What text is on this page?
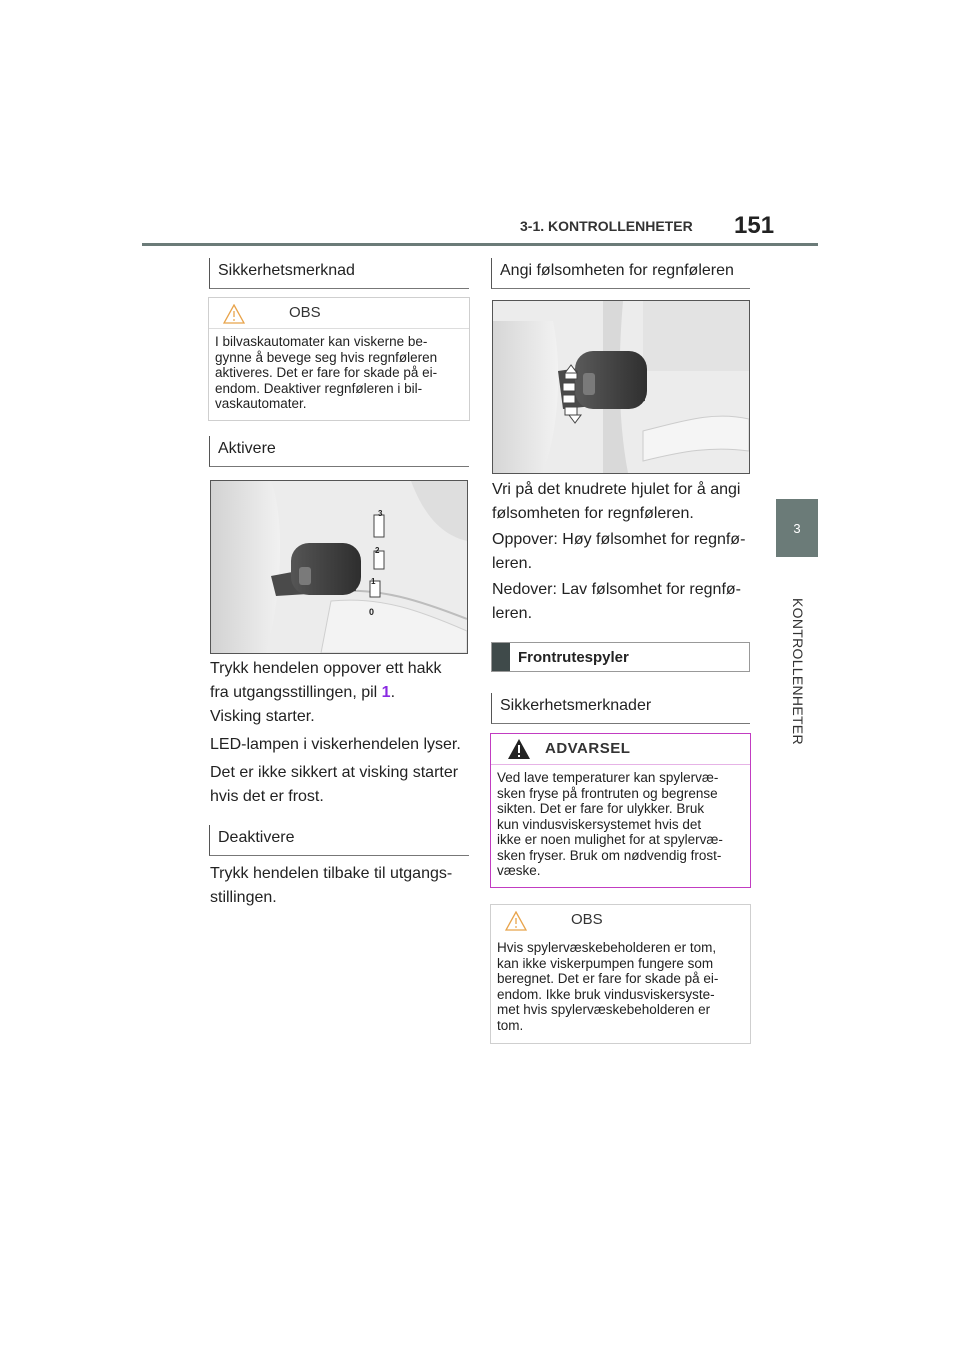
3-1. KONTROLLENHETER 151
3
KONTROLLENHETER
Sikkerhetsmerknad
OBS
I bilvaskautomater kan viskerne be-
gynne å bevege seg hvis regnføleren
aktiveres. Det er fare for skade på ei-
endom. Deaktiver regnføleren i bil-
vaskautomater.
Aktivere
3
2
1
0
Trykk hendelen oppover ett hakk
fra utgangsstillingen, pil 1.
Visking starter.
LED-lampen i viskerhendelen lyser.
Det er ikke sikkert at visking starter
hvis det er frost.
Deaktivere
Trykk hendelen tilbake til utgangs-
stillingen.
Angi følsomheten for regnføleren
Vri på det knudrete hjulet for å angi
følsomheten for regnføleren.
Oppover: Høy følsomhet for regnfø-
leren.
Nedover: Lav følsomhet for regnfø-
leren.
Frontrutespyler
Sikkerhetsmerknader
ADVARSEL
Ved lave temperaturer kan spylervæ-
sken fryse på frontruten og begrense
sikten. Det er fare for ulykker. Bruk
kun vindusviskersystemet hvis det
ikke er noen mulighet for at spylervæ-
sken fryser. Bruk om nødvendig frost-
væske.
OBS
Hvis spylervæskebeholderen er tom,
kan ikke viskerpumpen fungere som
beregnet. Det er fare for skade på ei-
endom. Ikke bruk vindusviskersyste-
met hvis spylervæskebeholderen er
tom.
